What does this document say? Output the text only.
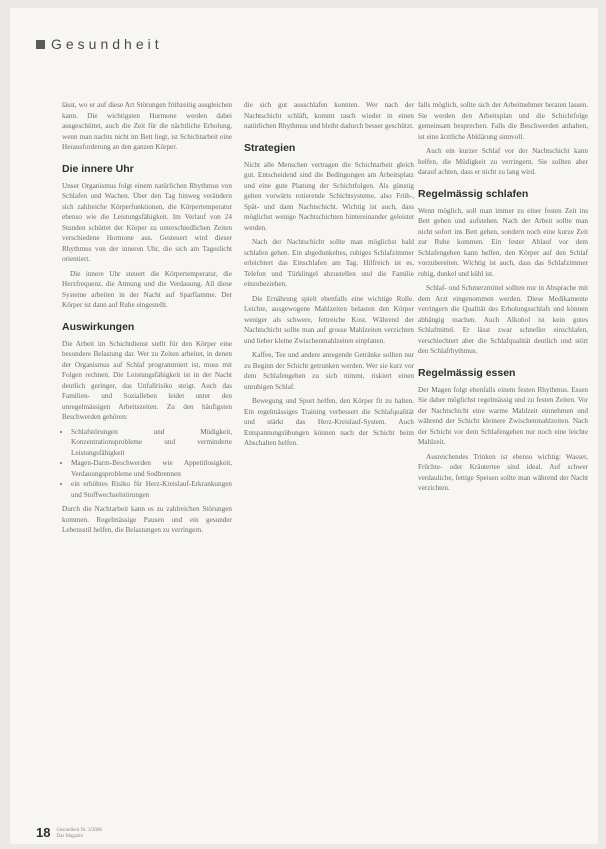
Gesundheit

lässt, wo er auf diese Art Störungen frühzeitig ausgleichen kann. Die wichtigsten Hormone werden dabei ausgeschüttet, auch die Zeit für die nächtliche Erholung, wenn man nachts nicht im Bett liegt, ist Schichtarbeit eine Herausforderung an den ganzen Körper.

Die innere Uhr

Unser Organismus folgt einem natürlichen Rhythmus von Schlafen und Wachen. Über den Tag hinweg verändern sich zahlreiche Körperfunktionen, die Körpertemperatur ebenso wie die Leistungsfähigkeit. Im Verlauf von 24 Stunden schüttet der Körper zu unterschiedlichen Zeiten verschiedene Hormone aus. Gesteuert wird dieser Rhythmus von der inneren Uhr, die sich am Tageslicht orientiert.

Die innere Uhr steuert die Körpertemperatur, die Herzfrequenz, die Atmung und die Verdauung. All diese Systeme arbeiten in der Nacht auf Sparflamme. Der Körper ist dann auf Ruhe eingestellt.

Auswirkungen

Die Arbeit im Schichtdienst stellt für den Körper eine besondere Belastung dar. Wer zu Zeiten arbeitet, in denen der Organismus auf Schlaf programmiert ist, muss mit Folgen rechnen. Die Leistungsfähigkeit ist in der Nacht deutlich geringer, das Unfallrisiko steigt. Auch das Familien- und Sozialleben leidet unter den unregelmässigen Arbeitszeiten. Zu den häufigsten Beschwerden gehören:

• Schlafstörungen und Müdigkeit, Konzentrationsprobleme und verminderte Leistungsfähigkeit
• Magen-Darm-Beschwerden wie Appetitlosigkeit, Verdauungsprobleme und Sodbrennen
• ein erhöhtes Risiko für Herz-Kreislauf-Erkrankungen und Stoffwechselstörungen

Durch die Nachtarbeit kann es zu zahlreichen Störungen kommen. Regelmässige Pausen und ein gesunder Lebensstil helfen, die Belastungen zu verringern.

die sich gut ausschlafen konnten. Wer nach der Nachtschicht schläft, kommt rasch wieder in einen natürlichen Rhythmus und bleibt dadurch besser geschützt.

Strategien

Nicht alle Menschen vertragen die Schichtarbeit gleich gut. Entscheidend sind die Bedingungen am Arbeitsplatz und eine gute Planung der Schichtfolgen. Als günstig gelten vorwärts rotierende Schichtsysteme, also Früh-, Spät- und dann Nachtschicht. Wichtig ist auch, dass möglichst wenige Nachtschichten hintereinander geleistet werden.

Nach der Nachtschicht sollte man möglichst bald schlafen gehen. Ein abgedunkeltes, ruhiges Schlafzimmer erleichtert das Einschlafen am Tag. Hilfreich ist es, Telefon und Türklingel abzustellen und die Familie einzubeziehen.

Die Ernährung spielt ebenfalls eine wichtige Rolle. Leichte, ausgewogene Mahlzeiten belasten den Körper weniger als schwere, fettreiche Kost. Während der Nachtschicht sollte man auf grosse Mahlzeiten verzichten und lieber kleine Zwischenmahlzeiten einplanen.

Kaffee, Tee und andere anregende Getränke sollten nur zu Beginn der Schicht getrunken werden. Wer sie kurz vor dem Schlafengehen zu sich nimmt, riskiert einen unruhigen Schlaf.

Bewegung und Sport helfen, den Körper fit zu halten. Ein regelmässiges Training verbessert die Schlafqualität und stärkt das Herz-Kreislauf-System. Auch Entspannungsübungen können nach der Schicht beim Abschalten helfen.

falls möglich, sollte sich der Arbeitnehmer beraten lassen. Sie werden den Arbeitsplan und die Schichtfolge gemeinsam besprechen. Falls die Beschwerden anhalten, ist eine ärztliche Abklärung sinnvoll.

Auch ein kurzer Schlaf vor der Nachtschicht kann helfen, die Müdigkeit zu verringern. Sie sollten aber darauf achten, dass er nicht zu lang wird.

Regelmässig schlafen

Wenn möglich, soll man immer zu einer festen Zeit ins Bett gehen und aufstehen. Nach der Arbeit sollte man nicht sofort ins Bett gehen, sondern noch eine kurze Zeit zur Ruhe kommen. Ein fester Ablauf vor dem Schlafengehen kann helfen, den Körper auf den Schlaf vorzubereiten. Wichtig ist auch, dass das Schlafzimmer ruhig, dunkel und kühl ist.

Schlaf- und Schmerzmittel sollten nur in Absprache mit dem Arzt eingenommen werden. Diese Medikamente verringern die Qualität des Erholungsschlafs und können abhängig machen. Auch Alkohol ist kein gutes Schlafmittel. Er lässt zwar schneller einschlafen, verschlechtert aber die Schlafqualität deutlich und stört den Schlafrhythmus.

Regelmässig essen

Der Magen folgt ebenfalls einem festen Rhythmus. Essen Sie daher möglichst regelmässig und zu festen Zeiten. Vor der Nachtschicht eine warme Mahlzeit einnehmen und während der Schicht kleinere Zwischenmahlzeiten. Nach der Schicht vor dem Schlafengehen nur noch eine leichte Mahlzeit.

Ausreichendes Trinken ist ebenso wichtig: Wasser, Früchte- oder Kräutertee sind ideal. Auf schwer verdauliche, fettige Speisen sollte man während der Nacht verzichten.

18 Gesundheit Nr. 3/2008
Das Magazin
